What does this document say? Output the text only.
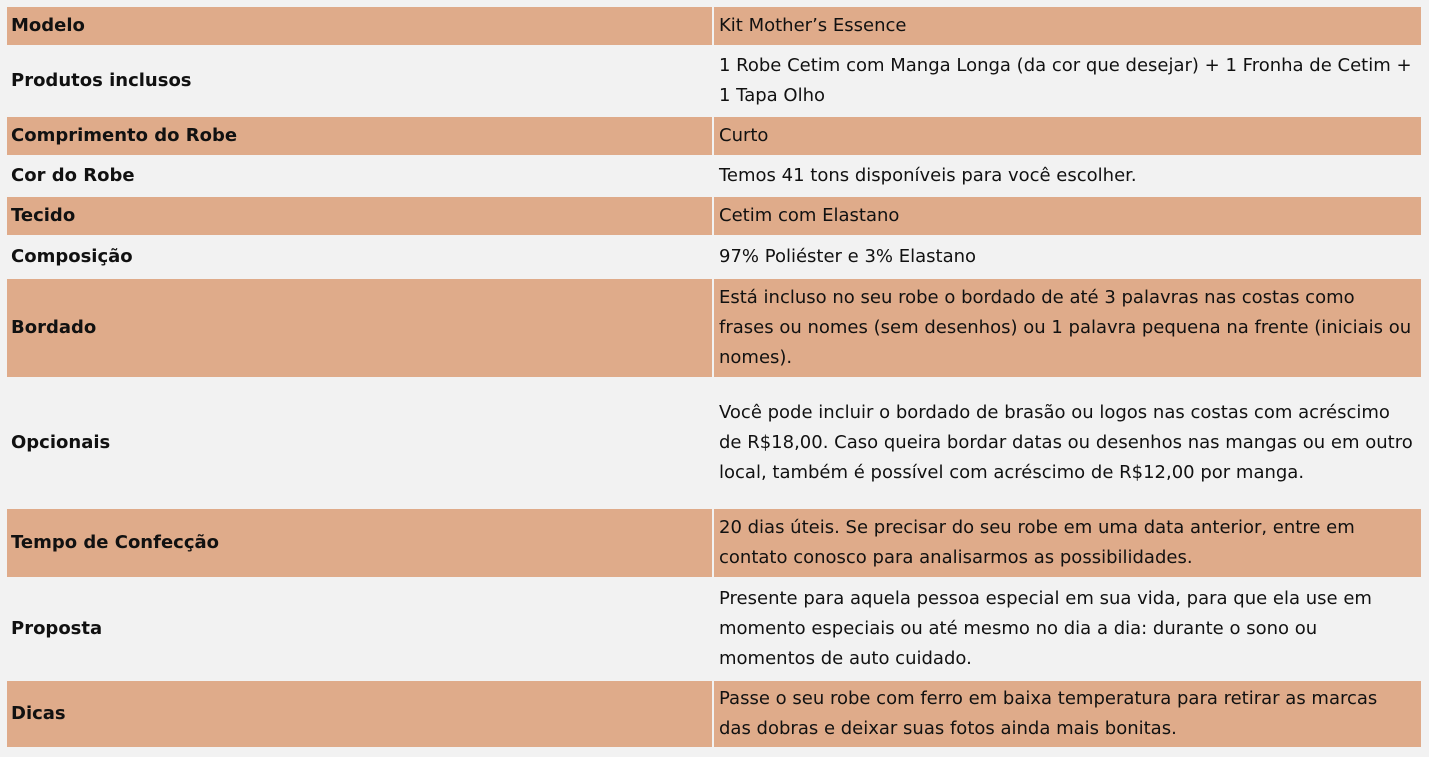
Modelo	Kit Mother’s Essence
Produtos inclusos	1 Robe Cetim com Manga Longa (da cor que desejar) + 1 Fronha de Cetim + 1 Tapa Olho
Comprimento do Robe	Curto
Cor do Robe	Temos 41 tons disponíveis para você escolher.
Tecido	Cetim com Elastano
Composição	97% Poliéster e 3% Elastano
Bordado	Está incluso no seu robe o bordado de até 3 palavras nas costas como frases ou nomes (sem desenhos) ou 1 palavra pequena na frente (iniciais ou nomes).
Opcionais	Você pode incluir o bordado de brasão ou logos nas costas com acréscimo de R$18,00. Caso queira bordar datas ou desenhos nas mangas ou em outro local, também é possível com acréscimo de R$12,00 por manga.
Tempo de Confecção	20 dias úteis. Se precisar do seu robe em uma data anterior, entre em contato conosco para analisarmos as possibilidades.
Proposta	Presente para aquela pessoa especial em sua vida, para que ela use em momento especiais ou até mesmo no dia a dia: durante o sono ou momentos de auto cuidado.
Dicas	Passe o seu robe com ferro em baixa temperatura para retirar as marcas das dobras e deixar suas fotos ainda mais bonitas.
